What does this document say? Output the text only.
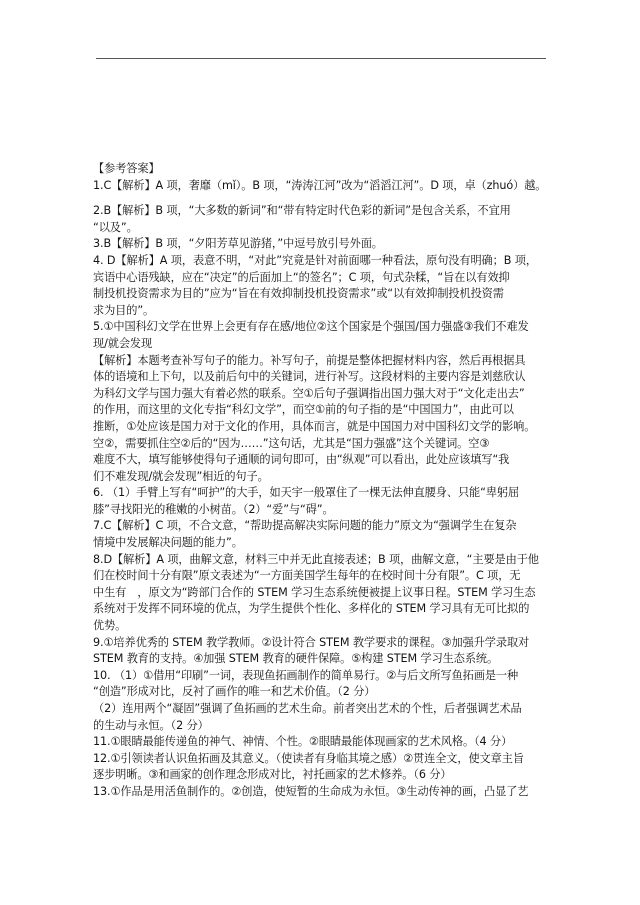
【参考答案】
1.C【解析】A 项，奢靡（mǐ）。B 项，“涛涛江河”改为“滔滔江河”。D 项，卓（zhuó）越。
2.B【解析】B 项，“大多数的新词”和“带有特定时代色彩的新词”是包含关系，不宜用
“以及”。
3.B【解析】B 项，“夕阳芳草见游猪，”中逗号放引号外面。
4. D【解析】A 项，表意不明，“对此”究竟是针对前面哪一种看法，原句没有明确；B 项，
宾语中心语残缺，应在“决定”的后面加上“的签名”；C 项，句式杂糅，“旨在以有效抑
制投机投资需求为目的”应为“旨在有效抑制投机投资需求”或“以有效抑制投机投资需
求为目的”。
5.①中国科幻文学在世界上会更有存在感/地位②这个国家是个强国/国力强盛③我们不难发
现/就会发现
【解析】本题考查补写句子的能力。补写句子，前提是整体把握材料内容，然后再根据具
体的语境和上下句，以及前后句中的关键词，进行补写。这段材料的主要内容是刘慈欣认
为科幻文学与国力强大有着必然的联系。空①后句子强调指出国力强大对于“文化走出去”
的作用，而这里的文化专指“科幻文学”，而空①前的句子指的是“中国国力”，由此可以
推断，①处应该是国力对于文化的作用，具体而言，就是中国国力对中国科幻文学的影响。
空②，需要抓住空②后的“因为……”这句话，尤其是“国力强盛”这个关键词。空③
难度不大，填写能够使得句子通顺的词句即可，由“纵观”可以看出，此处应该填写“我
们不难发现/就会发现”相近的句子。
6. （1）手臂上写有“呵护”的大手，如天宇一般罩住了一棵无法伸直腰身、只能“卑躬屈
膝”寻找阳光的稚嫩的小树苗。（2）“爱”与“碍”。
7.C【解析】C 项，不合文意，“帮助提高解决实际问题的能力”原文为“强调学生在复杂
情境中发展解决问题的能力”。
8.D【解析】A 项，曲解文意，材料三中并无此直接表述；B 项，曲解文意，“主要是由于他
们在校时间十分有限”原文表述为“一方面美国学生每年的在校时间十分有限”。C 项，无
中生有　，原文为“跨部门合作的 STEM 学习生态系统便被提上议事日程。STEM 学习生态
系统对于发挥不同环境的优点，为学生提供个性化、多样化的 STEM 学习具有无可比拟的
优势。
9.①培养优秀的 STEM 教学教师。②设计符合 STEM 教学要求的课程。③加强升学录取对
STEM 教育的支持。④加强 STEM 教育的硬件保障。⑤构建 STEM 学习生态系统。
10. （1）①借用“印刷”一词，表现鱼拓画制作的简单易行。②与后文所写鱼拓画是一种
“创造”形成对比，反衬了画作的唯一和艺术价值。（2 分）
（2）连用两个“凝固”强调了鱼拓画的艺术生命。前者突出艺术的个性，后者强调艺术品
的生动与永恒。（2 分）
11.①眼睛最能传递鱼的神气、神情、个性。②眼睛最能体现画家的艺术风格。（4 分）
12.①引领读者认识鱼拓画及其意义。（使读者有身临其境之感）②贯连全文，使文章主旨
逐步明晰。③和画家的创作理念形成对比，衬托画家的艺术修养。（6 分）
13.①作品是用活鱼制作的。②创造，使短暂的生命成为永恒。③生动传神的画，凸显了艺
